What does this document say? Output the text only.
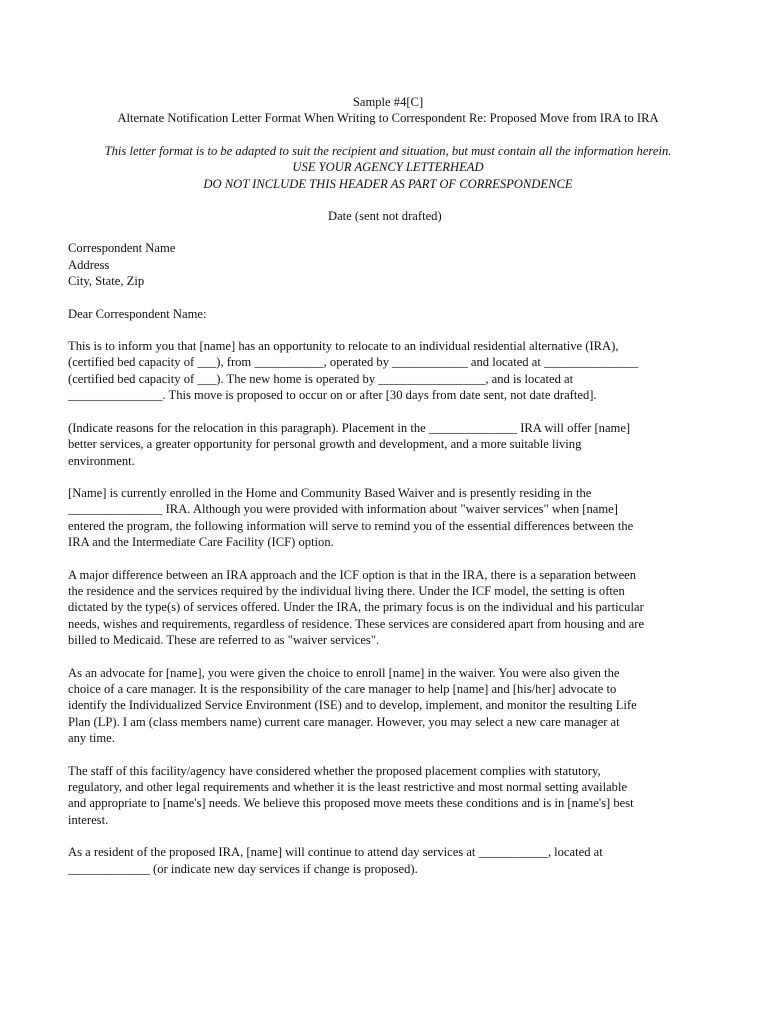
Sample #4[C]
Alternate Notification Letter Format When Writing to Correspondent Re: Proposed Move from IRA to IRA
This letter format is to be adapted to suit the recipient and situation, but must contain all the information herein.
USE YOUR AGENCY LETTERHEAD
DO NOT INCLUDE THIS HEADER AS PART OF CORRESPONDENCE
Date (sent not drafted)
Correspondent Name
Address
City, State, Zip
Dear Correspondent Name:
This is to inform you that [name] has an opportunity to relocate to an individual residential alternative (IRA),
(certified bed capacity of ___), from ___________, operated by ____________ and located at _______________
(certified bed capacity of ___). The new home is operated by _________________, and is located at
_______________. This move is proposed to occur on or after [30 days from date sent, not date drafted].
(Indicate reasons for the relocation in this paragraph). Placement in the ______________ IRA will offer [name]
better services, a greater opportunity for personal growth and development, and a more suitable living
environment.
[Name] is currently enrolled in the Home and Community Based Waiver and is presently residing in the
_______________ IRA. Although you were provided with information about "waiver services" when [name]
entered the program, the following information will serve to remind you of the essential differences between the
IRA and the Intermediate Care Facility (ICF) option.
A major difference between an IRA approach and the ICF option is that in the IRA, there is a separation between
the residence and the services required by the individual living there. Under the ICF model, the setting is often
dictated by the type(s) of services offered. Under the IRA, the primary focus is on the individual and his particular
needs, wishes and requirements, regardless of residence. These services are considered apart from housing and are
billed to Medicaid. These are referred to as "waiver services".
As an advocate for [name], you were given the choice to enroll [name] in the waiver. You were also given the
choice of a care manager. It is the responsibility of the care manager to help [name] and [his/her] advocate to
identify the Individualized Service Environment (ISE) and to develop, implement, and monitor the resulting Life
Plan (LP). I am (class members name) current care manager. However, you may select a new care manager at
any time.
The staff of this facility/agency have considered whether the proposed placement complies with statutory,
regulatory, and other legal requirements and whether it is the least restrictive and most normal setting available
and appropriate to [name's] needs. We believe this proposed move meets these conditions and is in [name's] best
interest.
As a resident of the proposed IRA, [name] will continue to attend day services at ___________, located at
_____________ (or indicate new day services if change is proposed).
